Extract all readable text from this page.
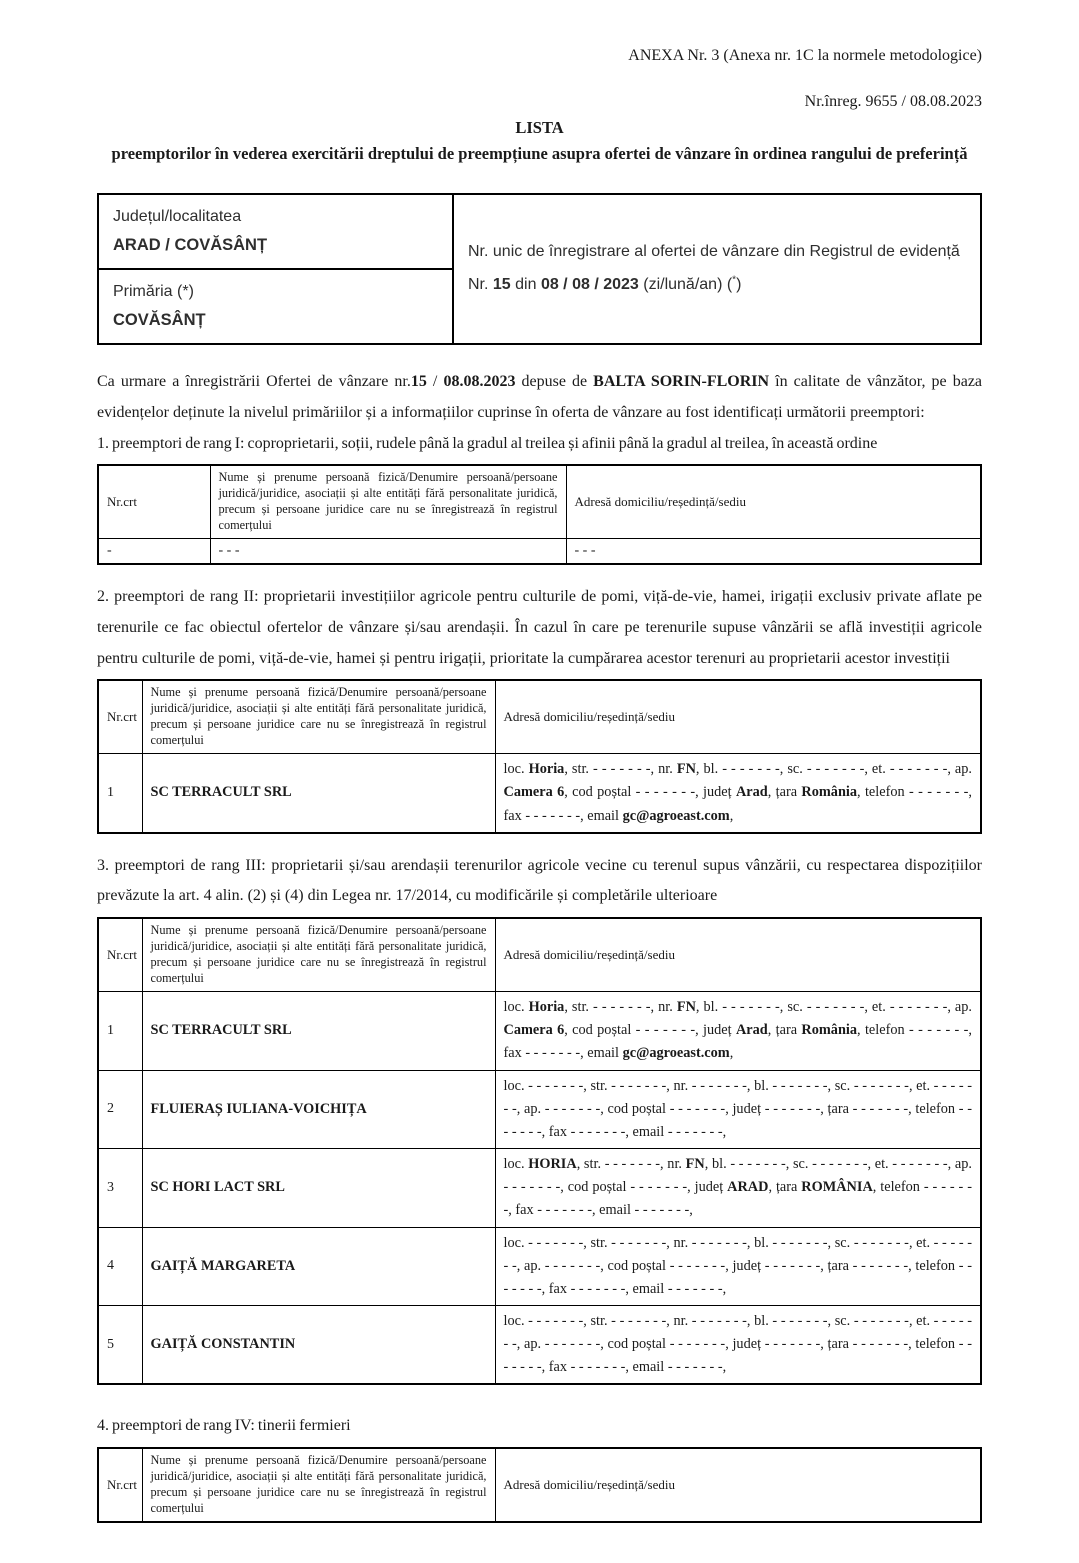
ANEXA Nr. 3 (Anexa nr. 1C la normele metodologice)
Nr.înreg. 9655 / 08.08.2023
LISTA
preemptorilor în vederea exercitării dreptului de preempțiune asupra ofertei de vânzare în ordinea rangului de preferință
Județul/localitatea
ARAD / COVĂSÂNȚ	Nr. unic de înregistrare al ofertei de vânzare din Registrul de evidență
Nr. 15 din 08 / 08 / 2023 (zi/lună/an) (*)

Primăria (*)
COVĂSÂNȚ

Ca urmare a înregistrării Ofertei de vânzare nr.15 / 08.08.2023 depuse de BALTA SORIN-FLORIN în calitate de vânzător, pe baza evidențelor deținute la nivelul primăriilor și a informațiilor cuprinse în oferta de vânzare au fost identificați următorii preemptori:

1. preemptori de rang I: coproprietarii, soții, rudele până la gradul al treilea și afinii până la gradul al treilea, în această ordine

Nr.crt	Nume și prenume persoană fizică/Denumire persoană/persoane juridică/juridice, asociații și alte entități fără personalitate juridică, precum și persoane juridice care nu se înregistrează în registrul comerțului	Adresă domiciliu/reședință/sediu
-	- - -	- - -

2. preemptori de rang II: proprietarii investițiilor agricole pentru culturile de pomi, viță-de-vie, hamei, irigații exclusiv private aflate pe terenurile ce fac obiectul ofertelor de vânzare și/sau arendașii. În cazul în care pe terenurile supuse vânzării se află investiții agricole pentru culturile de pomi, viță-de-vie, hamei și pentru irigații, prioritate la cumpărarea acestor terenuri au proprietarii acestor investiții

Nr.crt	Nume și prenume persoană fizică/Denumire persoană/persoane juridică/juridice, asociații și alte entități fără personalitate juridică, precum și persoane juridice care nu se înregistrează în registrul comerțului	Adresă domiciliu/reședință/sediu
1	SC TERRACULT SRL	loc. Horia, str. - - - - - - -, nr. FN, bl. - - - - - - -, sc. - - - - - - -, et. - - - - - - -, ap. Camera 6, cod poștal - - - - - - -, județ Arad, țara România, telefon - - - - - - -, fax - - - - - - -, email gc@agroeast.com,

3. preemptori de rang III: proprietarii și/sau arendașii terenurilor agricole vecine cu terenul supus vânzării, cu respectarea dispozițiilor prevăzute la art. 4 alin. (2) și (4) din Legea nr. 17/2014, cu modificările și completările ulterioare

Nr.crt	Nume și prenume persoană fizică/Denumire persoană/persoane juridică/juridice, asociații și alte entități fără personalitate juridică, precum și persoane juridice care nu se înregistrează în registrul comerțului	Adresă domiciliu/reședință/sediu
1	SC TERRACULT SRL	loc. Horia, str. - - - - - - -, nr. FN, bl. - - - - - - -, sc. - - - - - - -, et. - - - - - - -, ap. Camera 6, cod poștal - - - - - - -, județ Arad, țara România, telefon - - - - - - -, fax - - - - - - -, email gc@agroeast.com,
2	FLUIERAȘ IULIANA-VOICHIȚA	loc. - - - - - - -, str. - - - - - - -, nr. - - - - - - -, bl. - - - - - - -, sc. - - - - - - -, et. - - - - - - -, ap. - - - - - - -, cod poștal - - - - - - -, județ - - - - - - -, țara - - - - - - -, telefon - - - - - - -, fax - - - - - - -, email - - - - - - -,
3	SC HORI LACT SRL	loc. HORIA, str. - - - - - - -, nr. FN, bl. - - - - - - -, sc. - - - - - - -, et. - - - - - - -, ap. - - - - - - -, cod poștal - - - - - - -, județ ARAD, țara ROMÂNIA, telefon - - - - - - -, fax - - - - - - -, email - - - - - - -,
4	GAIȚĂ MARGARETA	loc. - - - - - - -, str. - - - - - - -, nr. - - - - - - -, bl. - - - - - - -, sc. - - - - - - -, et. - - - - - - -, ap. - - - - - - -, cod poștal - - - - - - -, județ - - - - - - -, țara - - - - - - -, telefon - - - - - - -, fax - - - - - - -, email - - - - - - -,
5	GAIȚĂ CONSTANTIN	loc. - - - - - - -, str. - - - - - - -, nr. - - - - - - -, bl. - - - - - - -, sc. - - - - - - -, et. - - - - - - -, ap. - - - - - - -, cod poștal - - - - - - -, județ - - - - - - -, țara - - - - - - -, telefon - - - - - - -, fax - - - - - - -, email - - - - - - -,

4. preemptori de rang IV: tinerii fermieri

Nr.crt	Nume și prenume persoană fizică/Denumire persoană/persoane juridică/juridice, asociații și alte entități fără personalitate juridică, precum și persoane juridice care nu se înregistrează în registrul comerțului	Adresă domiciliu/reședință/sediu
